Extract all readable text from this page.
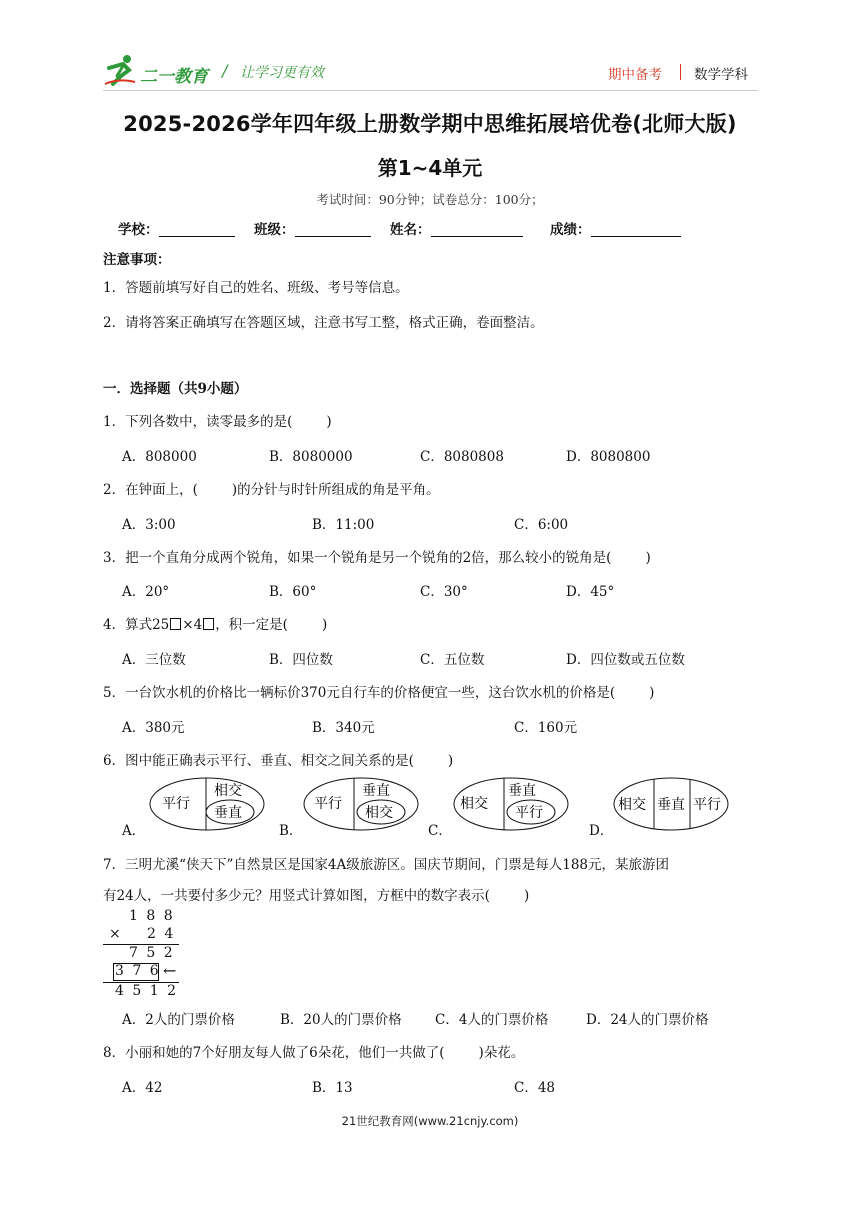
二一教育 / 让学习更有效	期中备考 数学学科
2025-2026学年四年级上册数学期中思维拓展培优卷(北师大版)
第1~4单元
考试时间：90分钟；试卷总分：100分；
学校：	班级：	姓名：	成绩：
注意事项：
1．答题前填写好自己的姓名、班级、考号等信息。
2．请将答案正确填写在答题区域，注意书写工整，格式正确，卷面整洁。
一．选择题（共9小题）
1．下列各数中，读零最多的是(	)
A．808000	B．8080000	C．8080808	D．8080800
2．在钟面上，(	)的分针与时针所组成的角是平角。
A．3:00	B．11:00	C．6:00
3．把一个直角分成两个锐角，如果一个锐角是另一个锐角的2倍，那么较小的锐角是(	)
A．20°	B．60°	C．30°	D．45°
4．算式25 ×4 ，积一定是(	)
A．三位数	B．四位数	C．五位数	D．四位数或五位数
5．一台饮水机的价格比一辆标价370元自行车的价格便宜一些，这台饮水机的价格是(	)
A．380元	B．340元	C．160元
6．图中能正确表示平行、垂直、相交之间关系的是(	)
A．
平行
相交
垂直
B．
平行
垂直
相交
C．
相交
垂直
平行
D．
相交 垂直 平行
7．三明尤溪“侠天下”自然景区是国家4A级旅游区。国庆节期间，门票是每人188元，某旅游团
有24人，一共要付多少元？用竖式计算如图，方框中的数字表示(	)
1 8 8
× 2 4
7 5 2
3 7 6 ←
4 5 1 2
A．2人的门票价格	B．20人的门票价格 C．4人的门票价格	D．24人的门票价格
8．小丽和她的7个好朋友每人做了6朵花，他们一共做了(	)朵花。
A．42	B．13	C．48
21世纪教育网(www.21cnjy.com)
